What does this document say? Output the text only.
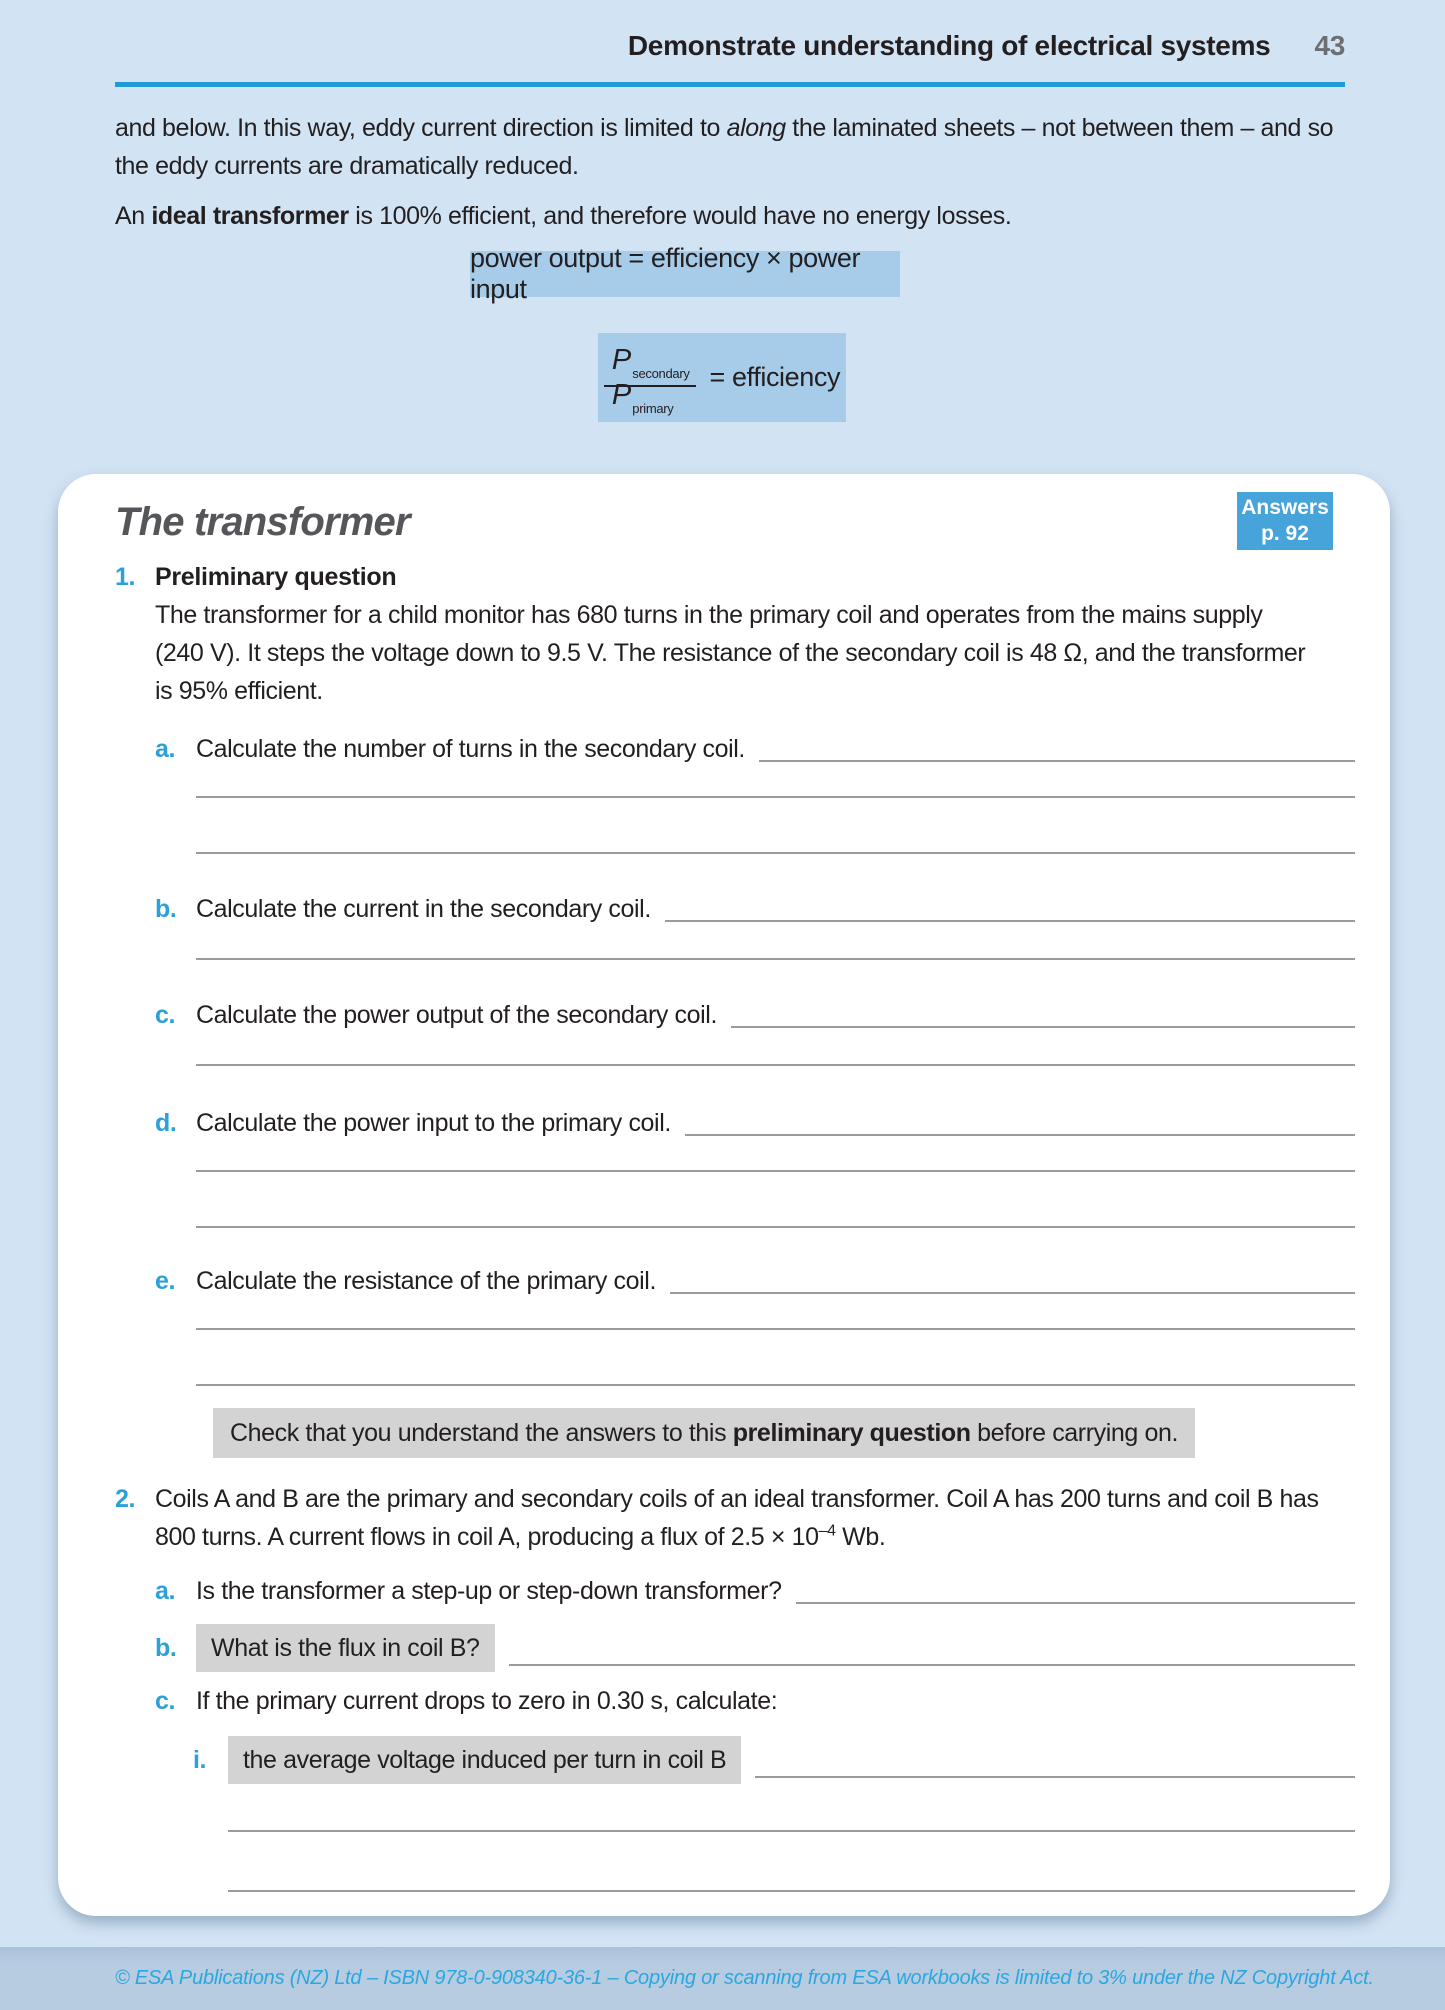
Demonstrate understanding of electrical systems 43

and below. In this way, eddy current direction is limited to along the laminated sheets – not between them – and so the eddy currents are dramatically reduced.

An ideal transformer is 100% efficient, and therefore would have no energy losses.

power output = efficiency × power input
$P_{secondary}$
$P_{primary}$
= efficiency
The transformer	Answers
p. 92
1. Preliminary question
The transformer for a child monitor has 680 turns in the primary coil and operates from the mains supply
(240 V). It steps the voltage down to 9.5 V. The resistance of the secondary coil is 48 Ω, and the transformer
is 95% efficient.
a. Calculate the number of turns in the secondary coil.
b. Calculate the current in the secondary coil.
c. Calculate the power output of the secondary coil.
d. Calculate the power input to the primary coil.
e. Calculate the resistance of the primary coil.
Check that you understand the answers to this preliminary question before carrying on.
2. Coils A and B are the primary and secondary coils of an ideal transformer. Coil A has 200 turns and coil B has
800 turns. A current flows in coil A, producing a flux of $2.5 \times 10^{-4}$ Wb.
a. Is the transformer a step-up or step-down transformer?
b.	What is the flux in coil B?
c. If the primary current drops to zero in 0.30 s, calculate:
i.	the average voltage induced per turn in coil B
© ESA Publications (NZ) Ltd – ISBN 978-0-908340-36-1 – Copying or scanning from ESA workbooks is limited to 3% under the NZ Copyright Act.
